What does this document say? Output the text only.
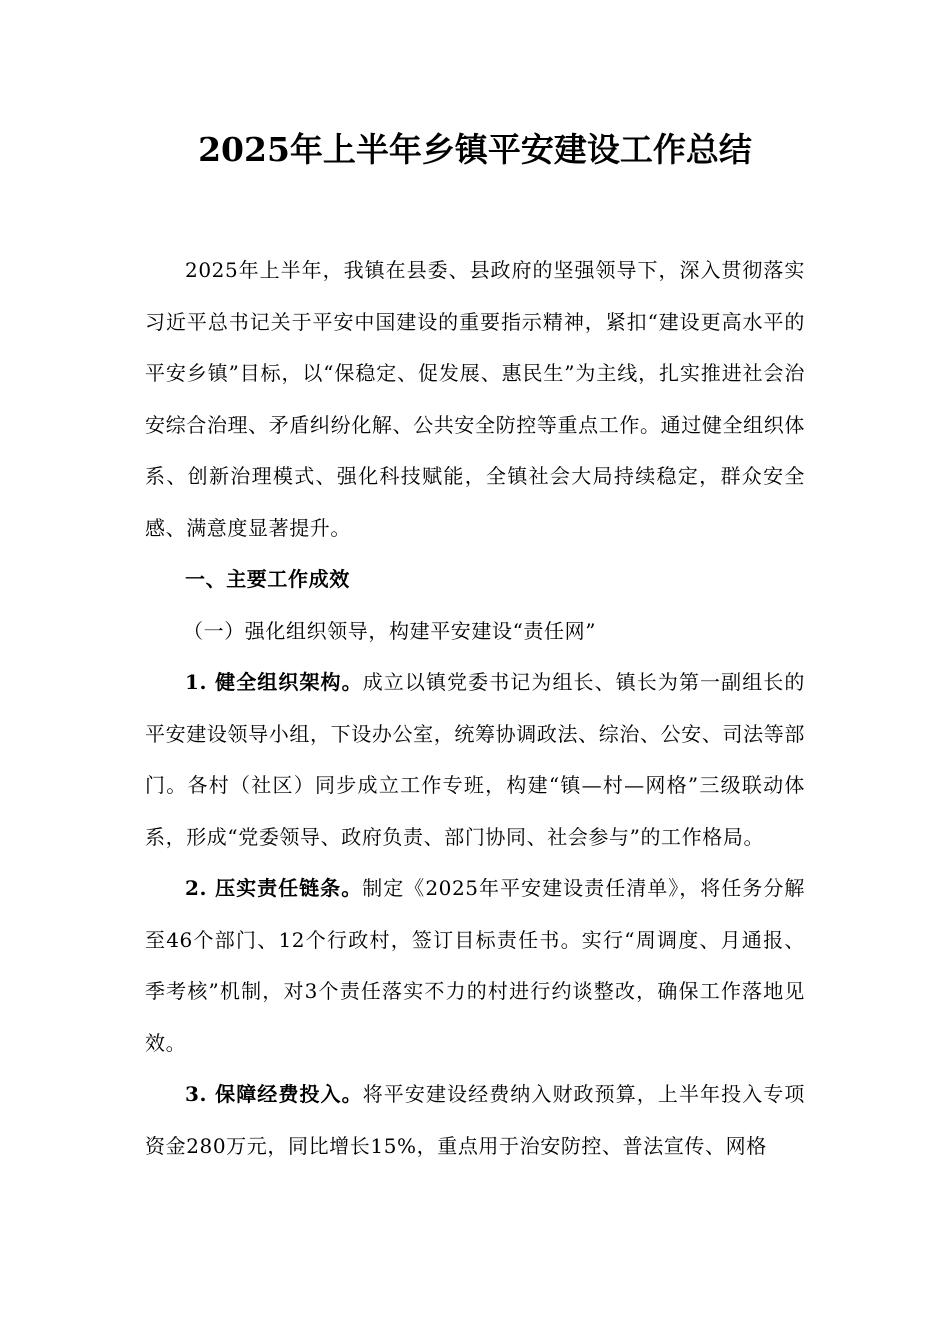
2025年上半年乡镇平安建设工作总结

2025年上半年，我镇在县委、县政府的坚强领导下，深入贯彻落实习近平总书记关于平安中国建设的重要指示精神，紧扣“建设更高水平的平安乡镇”目标，以“保稳定、促发展、惠民生”为主线，扎实推进社会治安综合治理、矛盾纠纷化解、公共安全防控等重点工作。通过健全组织体系、创新治理模式、强化科技赋能，全镇社会大局持续稳定，群众安全感、满意度显著提升。

一、主要工作成效

（一）强化组织领导，构建平安建设“责任网”

1. 健全组织架构。成立以镇党委书记为组长、镇长为第一副组长的平安建设领导小组，下设办公室，统筹协调政法、综治、公安、司法等部门。各村（社区）同步成立工作专班，构建“镇—村—网格”三级联动体系，形成“党委领导、政府负责、部门协同、社会参与”的工作格局。

2. 压实责任链条。制定《2025年平安建设责任清单》，将任务分解至46个部门、12个行政村，签订目标责任书。实行“周调度、月通报、季考核”机制，对3个责任落实不力的村进行约谈整改，确保工作落地见效。

3. 保障经费投入。将平安建设经费纳入财政预算，上半年投入专项资金280万元，同比增长15%，重点用于治安防控、普法宣传、网格
